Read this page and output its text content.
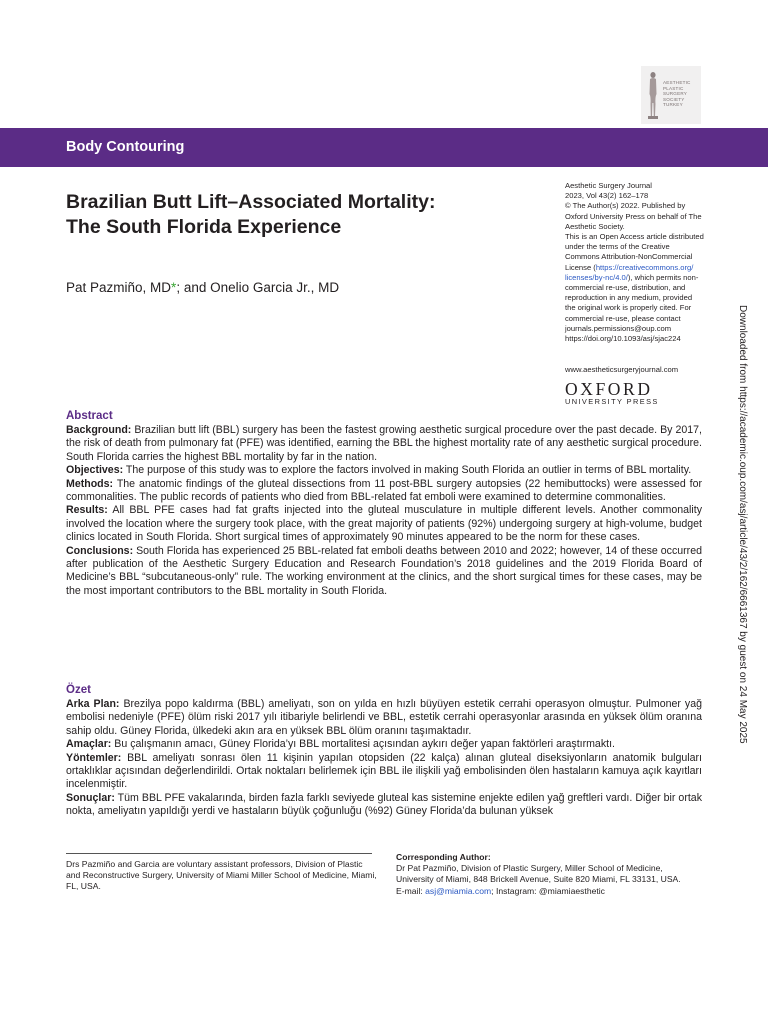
AESTHETIC
PLASTIC
SURGERY
SOCIETY
TURKEY
Body Contouring
Brazilian Butt Lift–Associated Mortality:
The South Florida Experience
Pat Pazmiño, MD*; and Onelio Garcia Jr., MD
Aesthetic Surgery Journal
2023, Vol 43(2) 162–178
© The Author(s) 2022. Published by
Oxford University Press on behalf of The
Aesthetic Society.
This is an Open Access article distributed
under the terms of the Creative
Commons Attribution-NonCommercial
License (https://creativecommons.org/
licenses/by-nc/4.0/), which permits non-
commercial re-use, distribution, and
reproduction in any medium, provided
the original work is properly cited. For
commercial re-use, please contact
journals.permissions@oup.com
https://doi.org/10.1093/asj/sjac224
www.aestheticsurgeryjournal.com
OXFORD
UNIVERSITY PRESS	Downloaded from https://academic.oup.com/asj/article/43/2/162/6661367 by guest on 24 May 2025
Abstract
Background: Brazilian butt lift (BBL) surgery has been the fastest growing aesthetic surgical procedure over the past decade. By 2017, the risk of death from pulmonary fat (PFE) was identified, earning the BBL the highest mortality rate of any aesthetic surgical procedure. South Florida carries the highest BBL mortality by far in the nation.
Objectives: The purpose of this study was to explore the factors involved in making South Florida an outlier in terms of BBL mortality.
Methods: The anatomic findings of the gluteal dissections from 11 post-BBL surgery autopsies (22 hemibuttocks) were assessed for commonalities. The public records of patients who died from BBL-related fat emboli were examined to determine commonalities.
Results: All BBL PFE cases had fat grafts injected into the gluteal musculature in multiple different levels. Another commonality involved the location where the surgery took place, with the great majority of patients (92%) undergoing surgery at high-volume, budget clinics located in South Florida. Short surgical times of approximately 90 minutes appeared to be the norm for these cases.
Conclusions: South Florida has experienced 25 BBL-related fat emboli deaths between 2010 and 2022; however, 14 of these occurred after publication of the Aesthetic Surgery Education and Research Foundation’s 2018 guidelines and the 2019 Florida Board of Medicine’s BBL “subcutaneous-only” rule. The working environment at the clinics, and the short surgical times for these cases, may be the most important contributors to the BBL mortality in South Florida.
Özet
Arka Plan: Brezilya popo kaldırma (BBL) ameliyatı, son on yılda en hızlı büyüyen estetik cerrahi operasyon olmuştur. Pulmoner yağ embolisi nedeniyle (PFE) ölüm riski 2017 yılı itibariyle belirlendi ve BBL, estetik cerrahi operasyonlar arasında en yüksek ölüm oranına sahip oldu. Güney Florida, ülkedeki akın ara en yüksek BBL ölüm oranını taşımaktadır.
Amaçlar: Bu çalışmanın amacı, Güney Florida’yı BBL mortalitesi açısından aykırı değer yapan faktörleri araştırmaktı.
Yöntemler: BBL ameliyatı sonrası ölen 11 kişinin yapılan otopsiden (22 kalça) alınan gluteal diseksiyonların anatomik bulguları ortaklıklar açısından değerlendirildi. Ortak noktaları belirlemek için BBL ile ilişkili yağ embolisinden ölen hastaların kamuya açık kayıtları incelenmiştir.
Sonuçlar: Tüm BBL PFE vakalarında, birden fazla farklı seviyede gluteal kas sistemine enjekte edilen yağ greftleri vardı. Diğer bir ortak nokta, ameliyatın yapıldığı yerdi ve hastaların büyük çoğunluğu (%92) Güney Florida’da bulunan yüksek
Drs Pazmiño and Garcia are voluntary assistant professors, Division of Plastic and Reconstructive Surgery, University of Miami Miller School of Medicine, Miami, FL, USA.
Corresponding Author:
Dr Pat Pazmiño, Division of Plastic Surgery, Miller School of Medicine,
University of Miami, 848 Brickell Avenue, Suite 820 Miami, FL 33131, USA.
E-mail: asj@miamia.com; Instagram: @miamiaesthetic
